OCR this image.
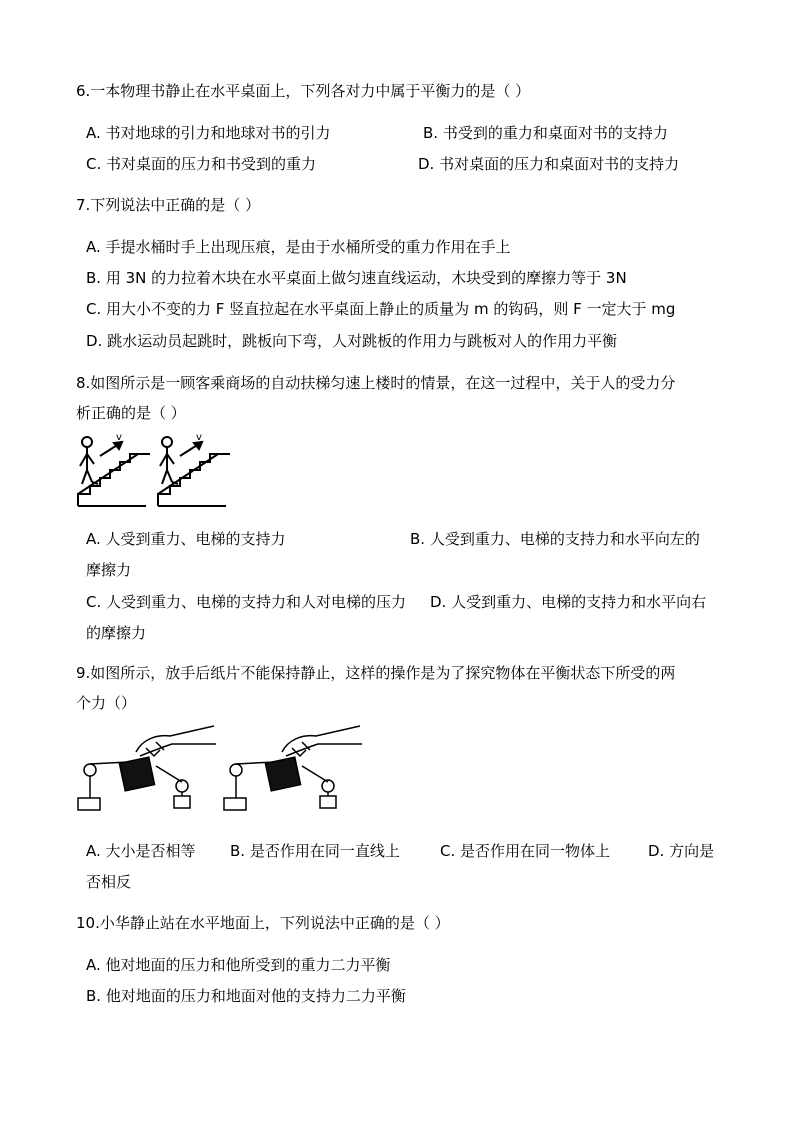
6.一本物理书静止在水平桌面上，下列各对力中属于平衡力的是（ ）
A. 书对地球的引力和地球对书的引力	B. 书受到的重力和桌面对书的支持力
C. 书对桌面的压力和书受到的重力	D. 书对桌面的压力和桌面对书的支持力
7.下列说法中正确的是（ ）
A. 手提水桶时手上出现压痕，是由于水桶所受的重力作用在手上
B. 用 3N 的力拉着木块在水平桌面上做匀速直线运动，木块受到的摩擦力等于 3N
C. 用大小不变的力 F 竖直拉起在水平桌面上静止的质量为 m 的钩码，则 F 一定大于 mg
D. 跳水运动员起跳时，跳板向下弯，人对跳板的作用力与跳板对人的作用力平衡
8.如图所示是一顾客乘商场的自动扶梯匀速上楼时的情景，在这一过程中，关于人的受力分
析正确的是（ ）
v	v
A. 人受到重力、电梯的支持力	B. 人受到重力、电梯的支持力和水平向左的
摩擦力
C. 人受到重力、电梯的支持力和人对电梯的压力 D. 人受到重力、电梯的支持力和水平向右
的摩擦力
9.如图所示，放手后纸片不能保持静止，这样的操作是为了探究物体在平衡状态下所受的两
个力（）
A. 大小是否相等 B. 是否作用在同一直线上	C. 是否作用在同一物体上	D. 方向是
否相反
10.小华静止站在水平地面上，下列说法中正确的是（ ）
A. 他对地面的压力和他所受到的重力二力平衡
B. 他对地面的压力和地面对他的支持力二力平衡
